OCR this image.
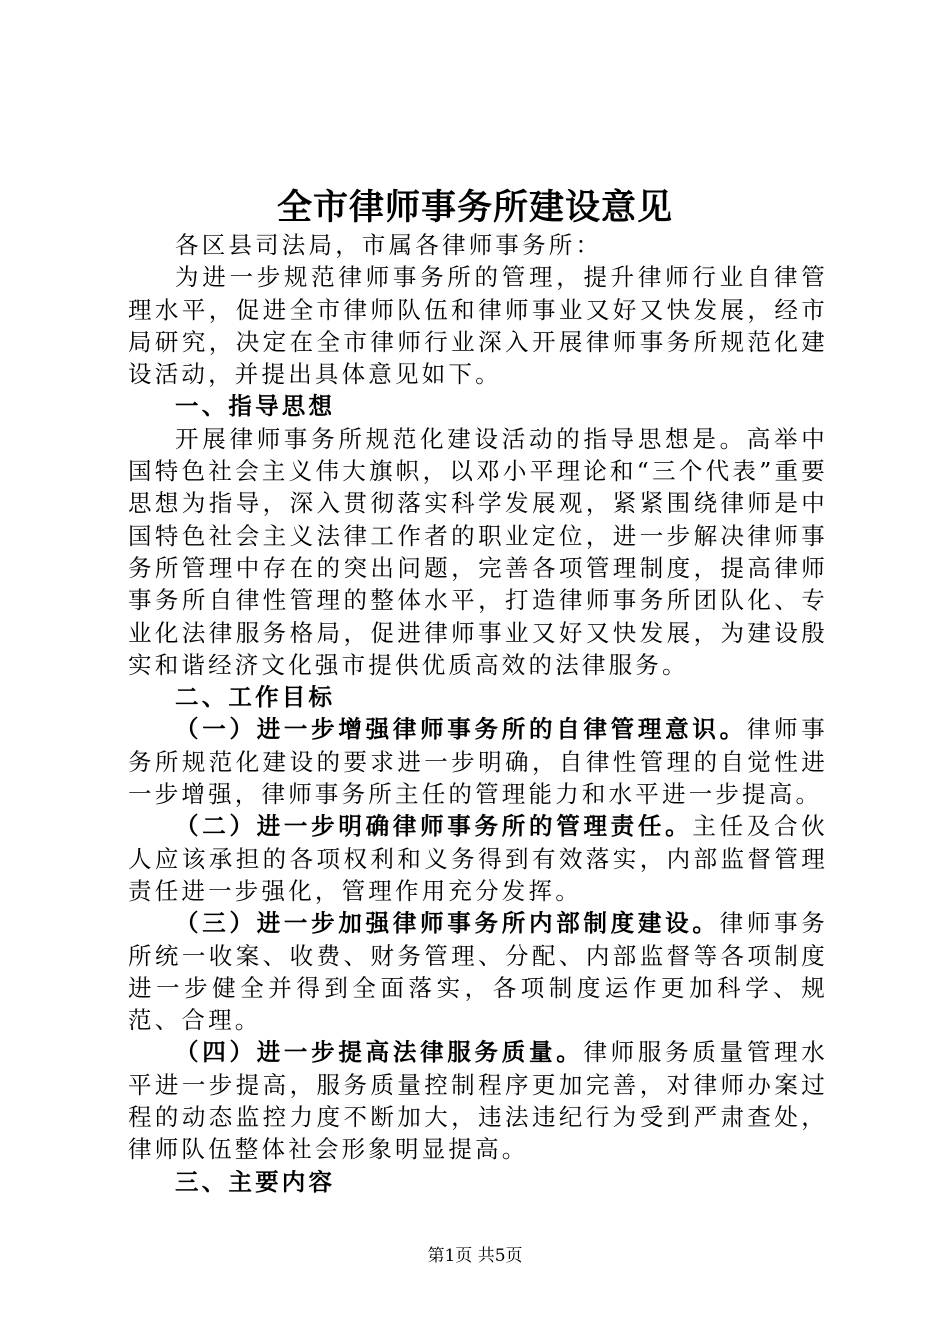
全市律师事务所建设意见

各区县司法局，市属各律师事务所：

为进一步规范律师事务所的管理，提升律师行业自律管理水平，促进全市律师队伍和律师事业又好又快发展，经市局研究，决定在全市律师行业深入开展律师事务所规范化建设活动，并提出具体意见如下。

一、指导思想

开展律师事务所规范化建设活动的指导思想是。高举中国特色社会主义伟大旗帜，以邓小平理论和“三个代表”重要思想为指导，深入贯彻落实科学发展观，紧紧围绕律师是中国特色社会主义法律工作者的职业定位，进一步解决律师事务所管理中存在的突出问题，完善各项管理制度，提高律师事务所自律性管理的整体水平，打造律师事务所团队化、专业化法律服务格局，促进律师事业又好又快发展，为建设殷实和谐经济文化强市提供优质高效的法律服务。

二、工作目标

（一）进一步增强律师事务所的自律管理意识。律师事务所规范化建设的要求进一步明确，自律性管理的自觉性进一步增强，律师事务所主任的管理能力和水平进一步提高。

（二）进一步明确律师事务所的管理责任。主任及合伙人应该承担的各项权利和义务得到有效落实，内部监督管理责任进一步强化，管理作用充分发挥。

（三）进一步加强律师事务所内部制度建设。律师事务所统一收案、收费、财务管理、分配、内部监督等各项制度进一步健全并得到全面落实，各项制度运作更加科学、规范、合理。

（四）进一步提高法律服务质量。律师服务质量管理水平进一步提高，服务质量控制程序更加完善，对律师办案过程的动态监控力度不断加大，违法违纪行为受到严肃查处，律师队伍整体社会形象明显提高。

三、主要内容

第1页 共5页
